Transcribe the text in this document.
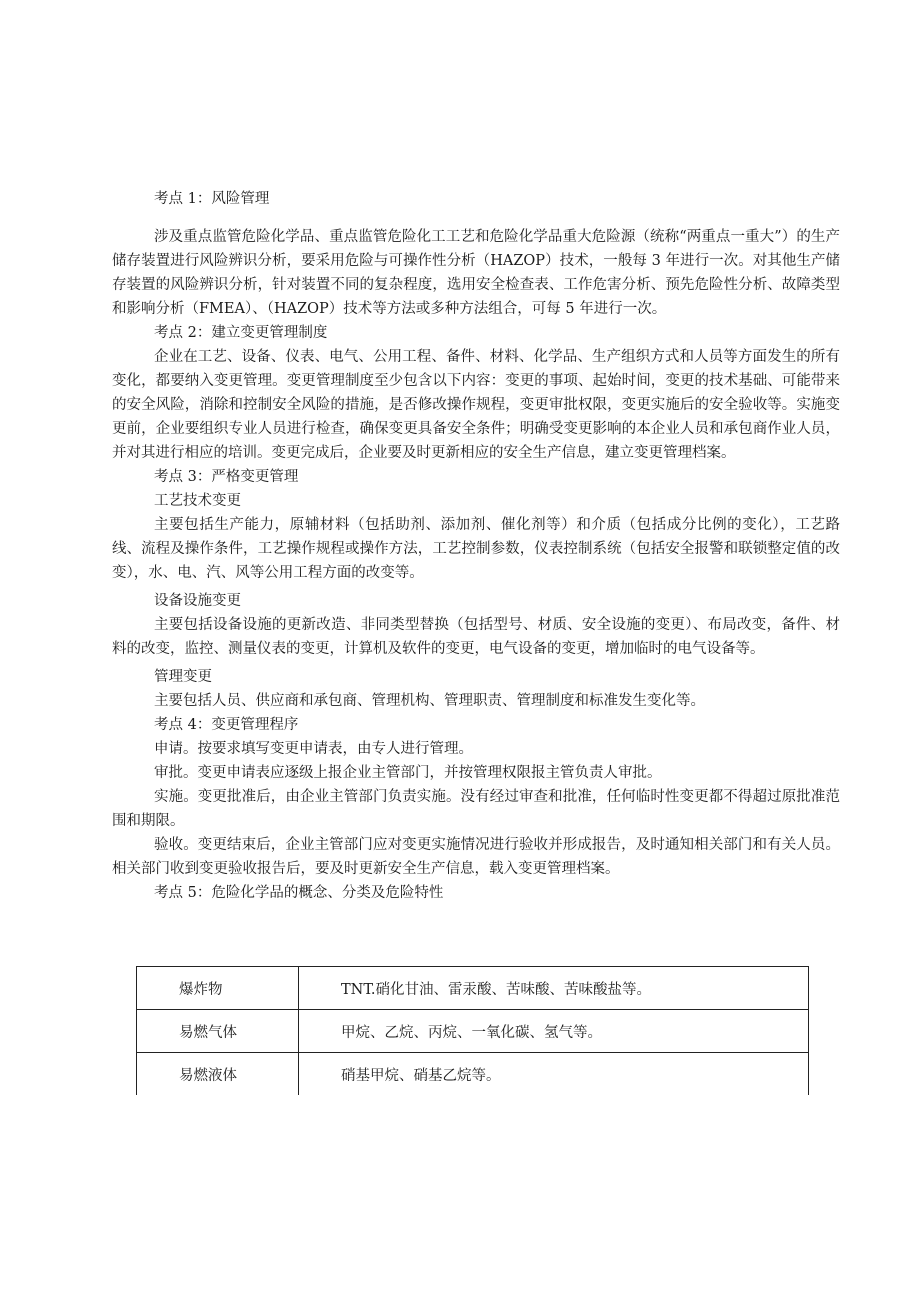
考点 1：风险管理

涉及重点监管危险化学品、重点监管危险化工工艺和危险化学品重大危险源（统称“两重点一重大”）的生产储存装置进行风险辨识分析，要采用危险与可操作性分析（HAZOP）技术，一般每 3 年进行一次。对其他生产储存装置的风险辨识分析，针对装置不同的复杂程度，选用安全检查表、工作危害分析、预先危险性分析、故障类型和影响分析（FMEA）、（HAZOP）技术等方法或多种方法组合，可每 5 年进行一次。

考点 2：建立变更管理制度

企业在工艺、设备、仪表、电气、公用工程、备件、材料、化学品、生产组织方式和人员等方面发生的所有变化，都要纳入变更管理。变更管理制度至少包含以下内容：变更的事项、起始时间，变更的技术基础、可能带来的安全风险，消除和控制安全风险的措施，是否修改操作规程，变更审批权限，变更实施后的安全验收等。实施变更前，企业要组织专业人员进行检查，确保变更具备安全条件；明确受变更影响的本企业人员和承包商作业人员，并对其进行相应的培训。变更完成后，企业要及时更新相应的安全生产信息，建立变更管理档案。

考点 3：严格变更管理

工艺技术变更

主要包括生产能力，原辅材料（包括助剂、添加剂、催化剂等）和介质（包括成分比例的变化），工艺路线、流程及操作条件，工艺操作规程或操作方法，工艺控制参数，仪表控制系统（包括安全报警和联锁整定值的改变），水、电、汽、风等公用工程方面的改变等。

设备设施变更

主要包括设备设施的更新改造、非同类型替换（包括型号、材质、安全设施的变更）、布局改变，备件、材料的改变，监控、测量仪表的变更，计算机及软件的变更，电气设备的变更，增加临时的电气设备等。

管理变更

主要包括人员、供应商和承包商、管理机构、管理职责、管理制度和标准发生变化等。

考点 4：变更管理程序

申请。按要求填写变更申请表，由专人进行管理。

审批。变更申请表应逐级上报企业主管部门，并按管理权限报主管负责人审批。

实施。变更批准后，由企业主管部门负责实施。没有经过审查和批准，任何临时性变更都不得超过原批准范围和期限。

验收。变更结束后，企业主管部门应对变更实施情况进行验收并形成报告，及时通知相关部门和有关人员。相关部门收到变更验收报告后，要及时更新安全生产信息，载入变更管理档案。

考点 5：危险化学品的概念、分类及危险特性

爆炸物	TNT.硝化甘油、雷汞酸、苦味酸、苦味酸盐等。
易燃气体	甲烷、乙烷、丙烷、一氧化碳、氢气等。
易燃液体	硝基甲烷、硝基乙烷等。
